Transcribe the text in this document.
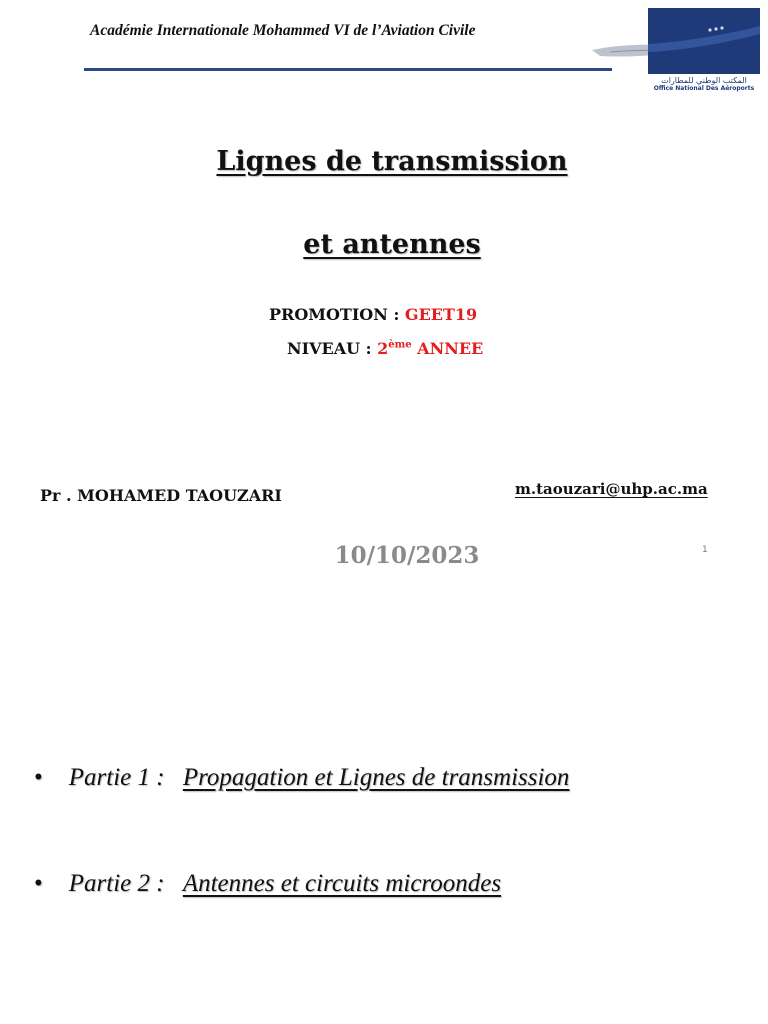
Académie Internationale Mohammed VI de l’Aviation Civile
المكتب الوطني للمطارات
Office National Des Aéroports
Lignes de transmission
et antennes
PROMOTION : GEET19
NIVEAU : 2ème ANNEE
Pr . MOHAMED TAOUZARI	m.taouzari@uhp.ac.ma
10/10/2023	1
• Partie 1 : Propagation et Lignes de transmission
• Partie 2 : Antennes et circuits microondes
